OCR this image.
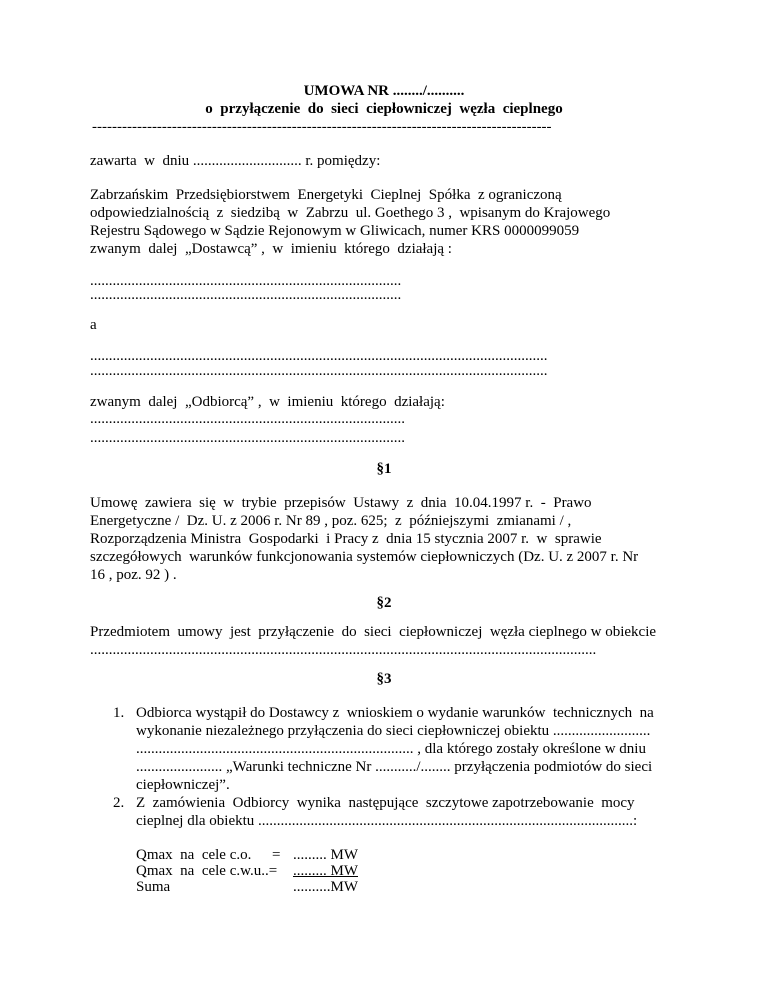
UMOWA NR ......../..........
o  przyłączenie  do  sieci  ciepłowniczej  węzła  cieplnego
--------------------------------------------------------------------------------------------
zawarta  w  dniu ............................. r. pomiędzy:
Zabrzańskim  Przedsiębiorstwem  Energetyki  Cieplnej  Spółka  z ograniczoną
odpowiedzialnością  z  siedzibą  w  Zabrzu  ul. Goethego 3 ,  wpisanym do Krajowego
Rejestru Sądowego w Sądzie Rejonowym w Gliwicach, numer KRS 0000099059
zwanym  dalej  „Dostawcą” ,  w  imieniu  którego  działają :
...................................................................................
...................................................................................
a
..........................................................................................................................
..........................................................................................................................
zwanym  dalej  „Odbiorcą” ,  w  imieniu  którego  działają:
....................................................................................
....................................................................................
§1
Umowę  zawiera  się  w  trybie  przepisów  Ustawy  z  dnia  10.04.1997 r.  -  Prawo
Energetyczne /  Dz. U. z 2006 r. Nr 89 , poz. 625;  z  późniejszymi  zmianami / ,
Rozporządzenia Ministra  Gospodarki  i Pracy z  dnia 15 stycznia 2007 r.  w  sprawie
szczegółowych  warunków funkcjonowania systemów ciepłowniczych (Dz. U. z 2007 r. Nr
16 , poz. 92 ) .
§2
Przedmiotem  umowy  jest  przyłączenie  do  sieci  ciepłowniczej  węzła cieplnego w obiekcie
.......................................................................................................................................
§3
1. Odbiorca wystąpił do Dostawcy z  wnioskiem o wydanie warunków  technicznych  na
wykonanie niezależnego przyłączenia do sieci ciepłowniczej obiektu ..........................
.......................................................................... , dla którego zostały określone w dniu
....................... „Warunki techniczne Nr .........../........ przyłączenia podmiotów do sieci
ciepłowniczej”.
2. Z  zamówienia  Odbiorcy  wynika  następujące  szczytowe zapotrzebowanie  mocy
cieplnej dla obiektu ....................................................................................................:
Qmax  na  cele c.o. = ......... MW
Qmax  na  cele c.w.u..= ......... MW
Suma	..........MW
